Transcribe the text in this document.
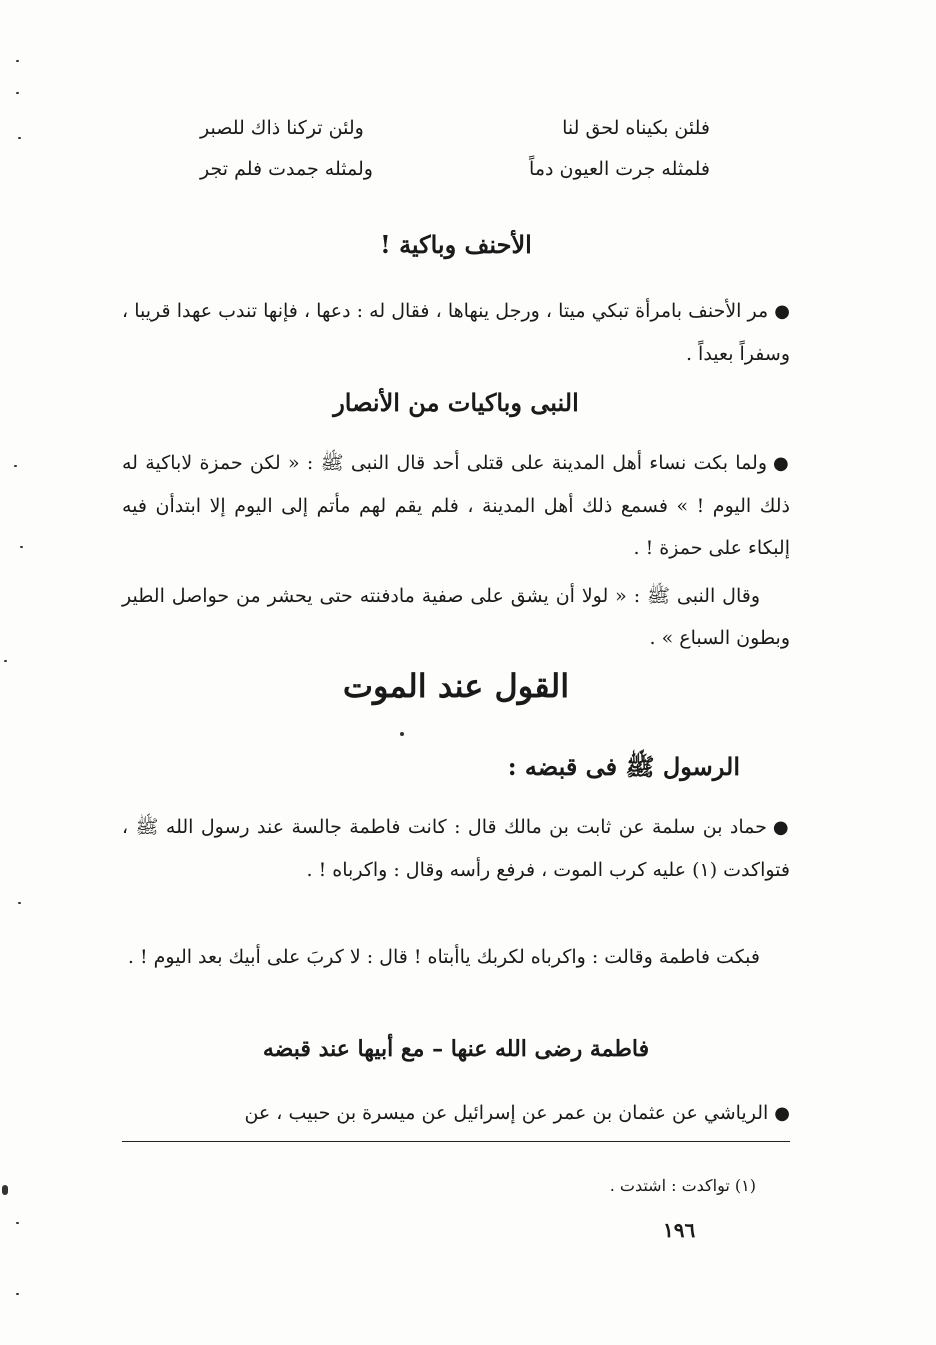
فلئن بكيناه لحق لنا
ولئن تركنا ذاك للصبر
فلمثله جرت العيون دماً
ولمثله جمدت فلم تجر
الأحنف وباكية !
●مر الأحنف بامرأة تبكي ميتا ، ورجل ينهاها ، فقال له : دعها ، فإنها تندب عهدا قريبا ، وسفراً بعيداً .
النبى وباكيات من الأنصار
●ولما بكت نساء أهل المدينة على قتلى أحد قال النبى ﷺ : « لكن حمزة لاباكية له ذلك اليوم ! » فسمع ذلك أهل المدينة ، فلم يقم لهم مأتم إلى اليوم إلا ابتدأن فيه إلبكاء على حمزة ! .
وقال النبى ﷺ : « لولا أن يشق على صفية مادفنته حتى يحشر من حواصل الطير وبطون السباع » .
القول عند الموت
الرسول ﷺ فى قبضه :
●حماد بن سلمة عن ثابت بن مالك قال : كانت فاطمة جالسة عند رسول الله ﷺ ، فتواكدت (١) عليه كرب الموت ، فرفع رأسه وقال : واكرباه ! .
فبكت فاطمة وقالت : واكرباه لكربك ياأبتاه ! قال : لا كربَ على أبيك بعد اليوم ! .
فاطمة رضى الله عنها – مع أبيها عند قبضه
●الرياشي عن عثمان بن عمر عن إسرائيل عن ميسرة بن حبيب ، عن
(١) تواكدت : اشتدت .
١٩٦
